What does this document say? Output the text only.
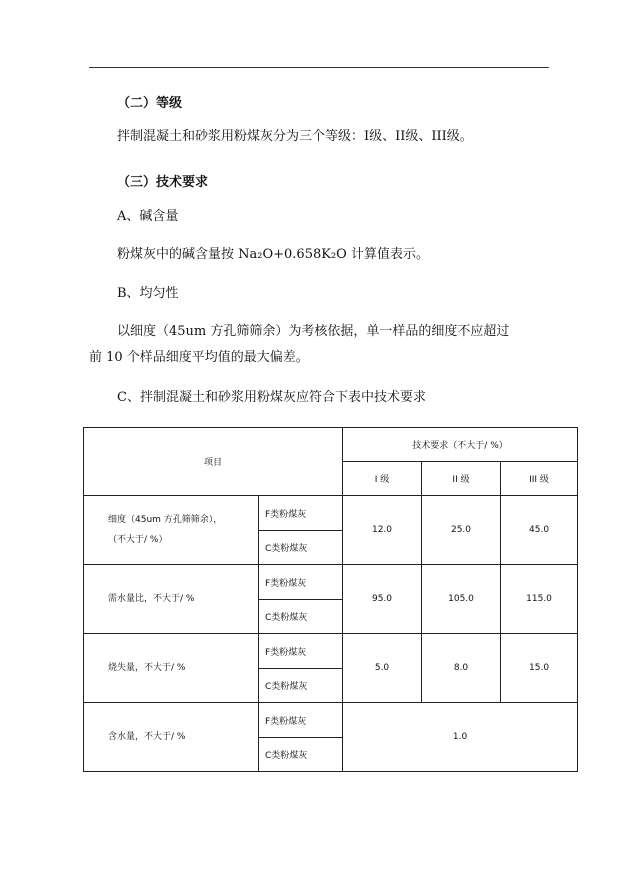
（二）等级
拌制混凝土和砂浆用粉煤灰分为三个等级：Ⅰ级、II级、III级。
（三）技术要求
A、碱含量
粉煤灰中的碱含量按 Na₂O+0.658K₂O 计算值表示。
B、均匀性
以细度（45um 方孔筛筛余）为考核依据，单一样品的细度不应超过
前 10 个样品细度平均值的最大偏差。
C、拌制混凝土和砂浆用粉煤灰应符合下表中技术要求
项目		技术要求（不大于/ %）		
		I 级	II 级	III 级

细度（45um 方孔筛筛余），
（不大于/ %）	F类粉煤灰	12.0	25.0	45.0
	C类粉煤灰			
需水量比，不大于/ %	F类粉煤灰	95.0	105.0	115.0
	C类粉煤灰			
烧失量，不大于/ %	F类粉煤灰	5.0	8.0	15.0
	C类粉煤灰			
含水量，不大于/ %	F类粉煤灰	1.0		
	C类粉煤灰			
